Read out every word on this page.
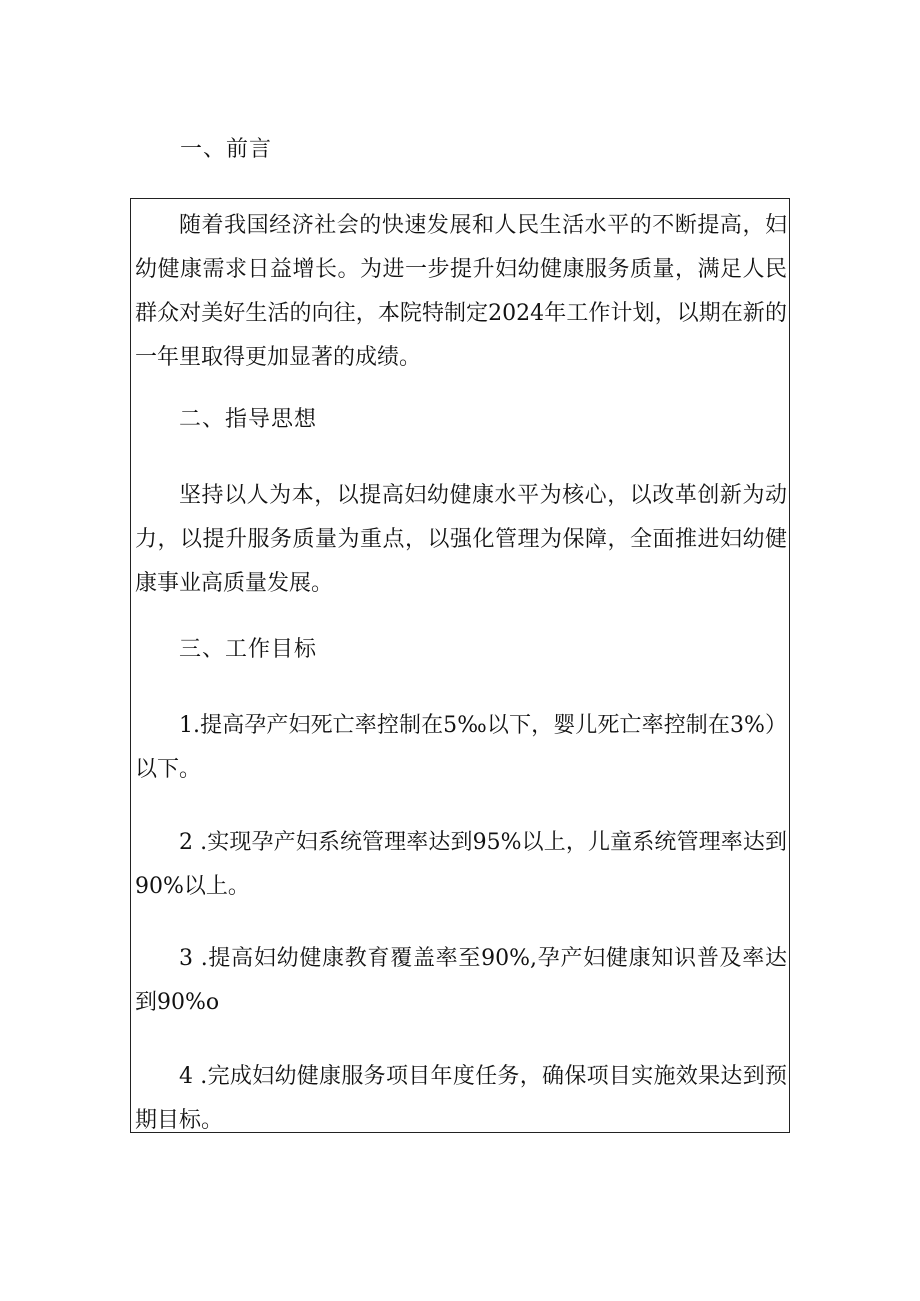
一、前言

随着我国经济社会的快速发展和人民生活水平的不断提高，妇幼健康需求日益增长。为进一步提升妇幼健康服务质量，满足人民群众对美好生活的向往，本院特制定2024年工作计划，以期在新的一年里取得更加显著的成绩。

二、指导思想

坚持以人为本，以提高妇幼健康水平为核心，以改革创新为动力，以提升服务质量为重点，以强化管理为保障，全面推进妇幼健康事业高质量发展。

三、工作目标

1.提高孕产妇死亡率控制在5‰以下，婴儿死亡率控制在3%）以下。

2 .实现孕产妇系统管理率达到95%以上，儿童系统管理率达到90%以上。

3 .提高妇幼健康教育覆盖率至90%,孕产妇健康知识普及率达到90%o

4 .完成妇幼健康服务项目年度任务，确保项目实施效果达到预期目标。
